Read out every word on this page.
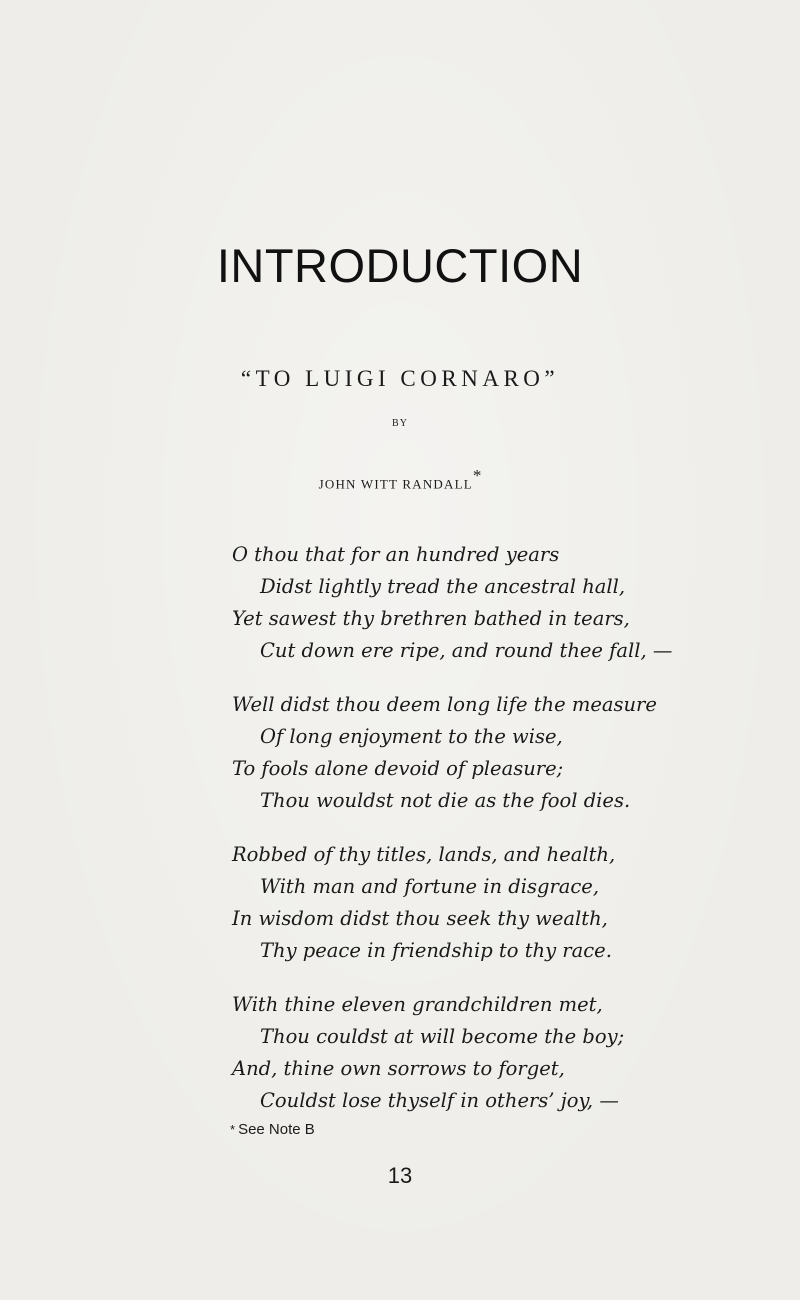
INTRODUCTION
“TO LUIGI CORNARO”
BY
JOHN WITT RANDALL*
O thou that for an hundred years
Didst lightly tread the ancestral hall,
Yet sawest thy brethren bathed in tears,
Cut down ere ripe, and round thee fall, —
Well didst thou deem long life the measure
Of long enjoyment to the wise,
To fools alone devoid of pleasure;
Thou wouldst not die as the fool dies.
Robbed of thy titles, lands, and health,
With man and fortune in disgrace,
In wisdom didst thou seek thy wealth,
Thy peace in friendship to thy race.
With thine eleven grandchildren met,
Thou couldst at will become the boy;
And, thine own sorrows to forget,
Couldst lose thyself in others’ joy, —
* See Note B
13
